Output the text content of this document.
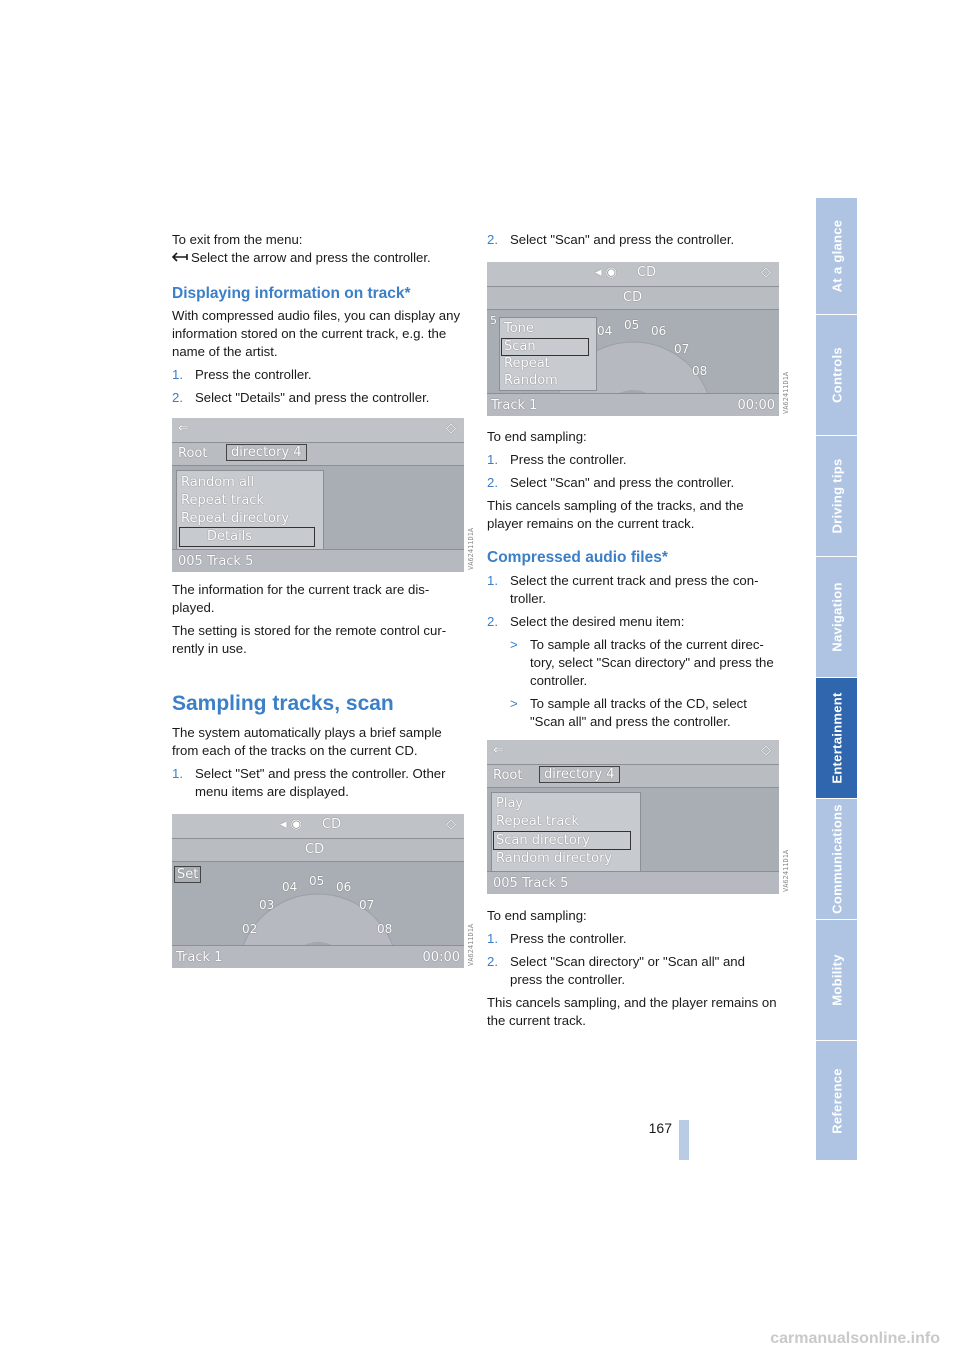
At a glance
Controls
Driving tips
Navigation
Entertainment
Communications
Mobility
Reference

To exit from the menu:

Select the arrow and press the controller.

Displaying information on track*

With compressed audio files, you can display any information stored on the current track, e.g. the name of the artist.

1. Press the controller.

2. Select "Details" and press the controller.

⇐	◇
Root	directory 4
Random all
Repeat track
Repeat directory
Details
005 Track 5	VA62411D1A

The information for the current track are dis-played.

The setting is stored for the remote control cur-rently in use.

Sampling tracks, scan

The system automatically plays a brief sample from each of the tracks on the current CD.

1. Select "Set" and press the controller. Other menu items are displayed.

◂ ◉ CD	◇
CD
Set
02
03
04 05 06
07
08
Track 1	00:00 VA62411D1A

2. Select "Scan" and press the controller.

◂ ◉ CD	◇
CD
5
Tone
Scan
Repeat
Random
04 05 06
07
08
Track 1	00:00 VA62411D1A

To end sampling:

1. Press the controller.

2. Select "Scan" and press the controller.

This cancels sampling of the tracks, and the player remains on the current track.

Compressed audio files*

1. Select the current track and press the con-troller.

2. Select the desired menu item:

> To sample all tracks of the current direc-tory, select "Scan directory" and press the controller.

> To sample all tracks of the CD, select "Scan all" and press the controller.

⇐	◇
Root	directory 4
Play
Repeat track
Scan directory
Random directory
005 Track 5	VA62411D1A

To end sampling:

1. Press the controller.

2. Select "Scan directory" or "Scan all" and press the controller.

This cancels sampling, and the player remains on the current track.

167
carmanualsonline.info
